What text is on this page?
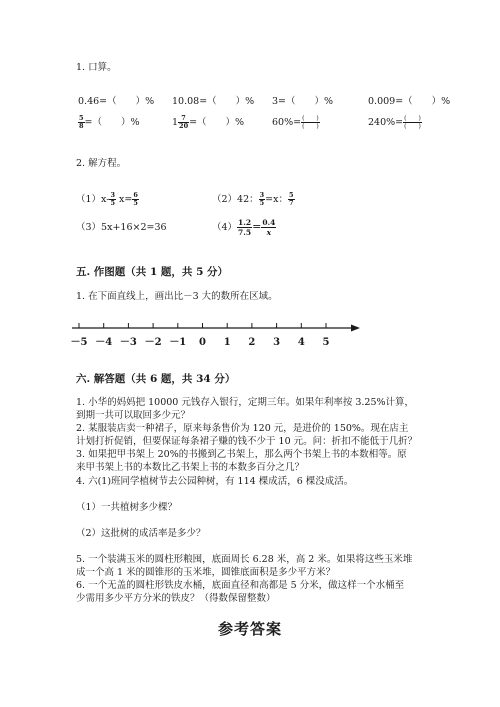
1. 口算。
0.46=（　　）% 10.08=（　　）% 3=（　　）%	0.009=（　　）%
$\frac{5}{8}$ =（　　）%	$1 \frac{7}{20}$ =（　　）%	$60\%= \frac{( )}{( )}$	$240\%= \frac{( )}{( )}$
2. 解方程。
$(1)x- \frac{3}{5} x= \frac{6}{5}$	（2）42： $\frac{3}{5} =x$： $\frac{5}{7}$
（3）5x+16×2=36	$(4) \frac{1.2}{7.5} = \frac{0.4}{x}$
五. 作图题（共 1 题，共 5 分）
1. 在下面直线上，画出比－3 大的数所在区域。
－5 －4 －3 －2 －1 0 1 2 3 4 5
六. 解答题（共 6 题，共 34 分）
1. 小华的妈妈把 10000 元钱存入银行，定期三年。如果年利率按 3.25%计算，
到期一共可以取回多少元？
2. 某服装店卖一种裙子，原来每条售价为 120 元，是进价的 150%。现在店主
计划打折促销，但要保证每条裙子赚的钱不少于 10 元。问：折扣不能低于几折？
3. 如果把甲书架上 20%的书搬到乙书架上，那么两个书架上书的本数相等。原
来甲书架上书的本数比乙书架上书的本数多百分之几？
4. 六(1)班同学植树节去公园种树，有 114 棵成活，6 棵没成活。
（1）一共植树多少棵？
（2）这批树的成活率是多少？
5. 一个装满玉米的圆柱形粮囤，底面周长 6.28 米，高 2 米。如果将这些玉米堆
成一个高 1 米的圆锥形的玉米堆，圆锥底面积是多少平方米？
6. 一个无盖的圆柱形铁皮水桶，底面直径和高都是 5 分米，做这样一个水桶至
少需用多少平方分米的铁皮？（得数保留整数）
参考答案
